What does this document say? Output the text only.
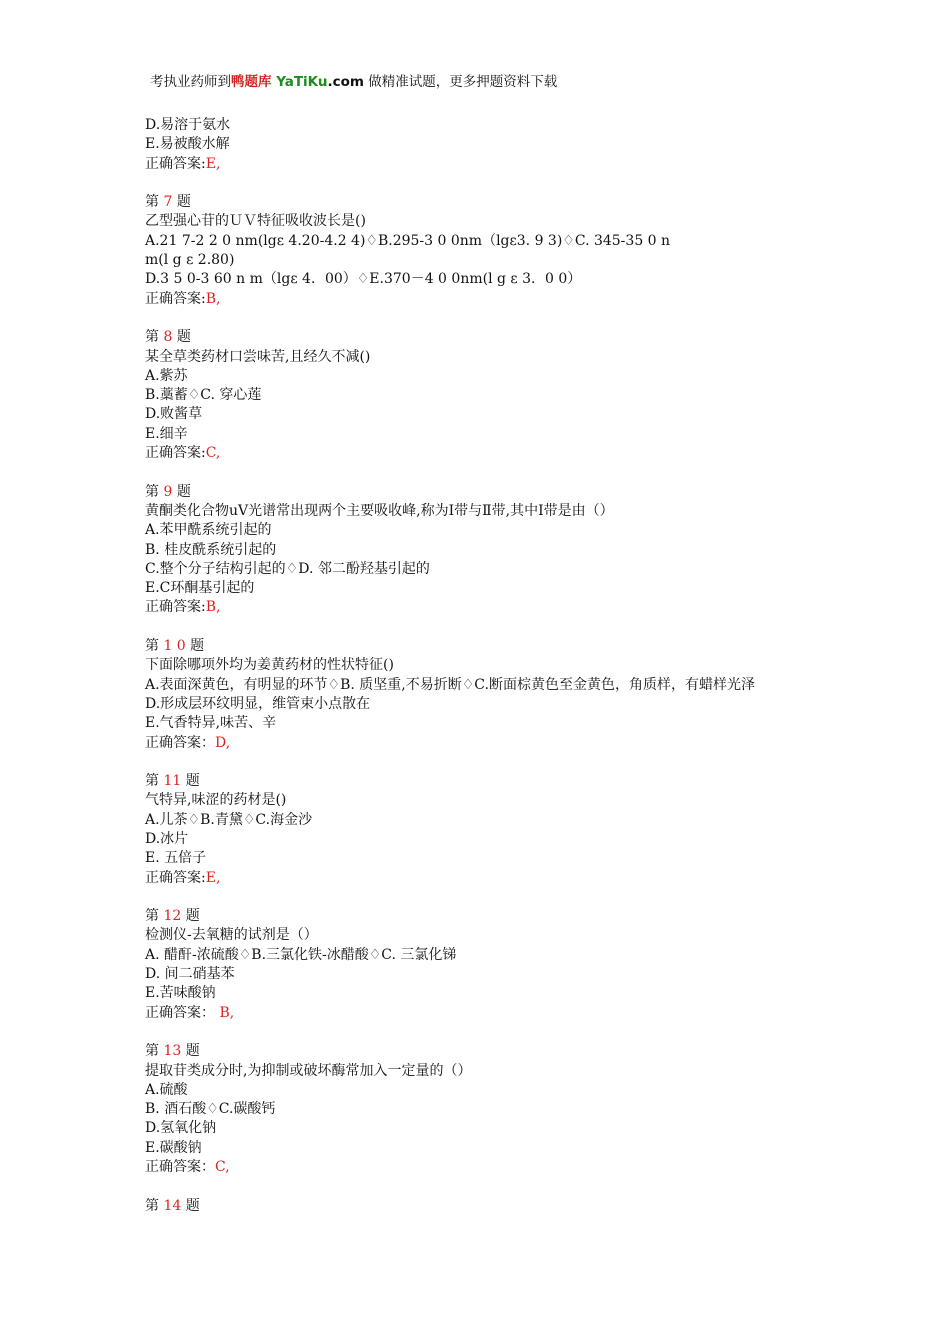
考执业药师到鸭题库 YaTiKu.com 做精准试题，更多押题资料下载
D.易溶于氨水
E.易被酸水解
正确答案:E,
第 7 题
乙型强心苷的ＵＶ特征吸收波长是()
A.21 7-2 2 0 nm(lgε 4.20-4.2 4)♢B.295-3 0 0nm（lgε3. 9 3)♢C. 345-35 0 n
m(l g ε 2.80)
D.3 5 0-3 60 n m（lgε 4．00）♢E.370－4 0 0nm(l g ε 3．0 0）
正确答案:B,
第 8 题
某全草类药材口尝味苦,且经久不减()
A.紫苏
B.藁蓄♢C. 穿心莲
D.败酱草
E.细辛
正确答案:C,
第 9 题
黄酮类化合物uV光谱常出现两个主要吸收峰,称为Ⅰ带与Ⅱ带,其中Ⅰ带是由（）
A.苯甲酰系统引起的
B. 桂皮酰系统引起的
C.整个分子结构引起的♢D. 邻二酚羟基引起的
E.C环酮基引起的
正确答案:B,
第 1 0 题
下面除哪项外均为姜黄药材的性状特征()
A.表面深黄色，有明显的环节♢B. 质坚重,不易折断♢C.断面棕黄色至金黄色，角质样，有蜡样光泽
D.形成层环纹明显，维管束小点散在
E.气香特异,味苦、辛
正确答案：D,
第 11 题
气特异,味涩的药材是()
A.儿茶♢B.青黛♢C.海金沙
D.冰片
E. 五倍子
正确答案:E,
第 12 题
检测仪-去氧糖的试剂是（）
A. 醋酐-浓硫酸♢B.三氯化铁-冰醋酸♢C. 三氯化锑
D. 间二硝基苯
E.苦味酸钠
正确答案： B,
第 13 题
提取苷类成分时,为抑制或破坏酶常加入一定量的（）
A.硫酸
B. 酒石酸♢C.碳酸钙
D.氢氧化钠
E.碳酸钠
正确答案：C,
第 14 题
